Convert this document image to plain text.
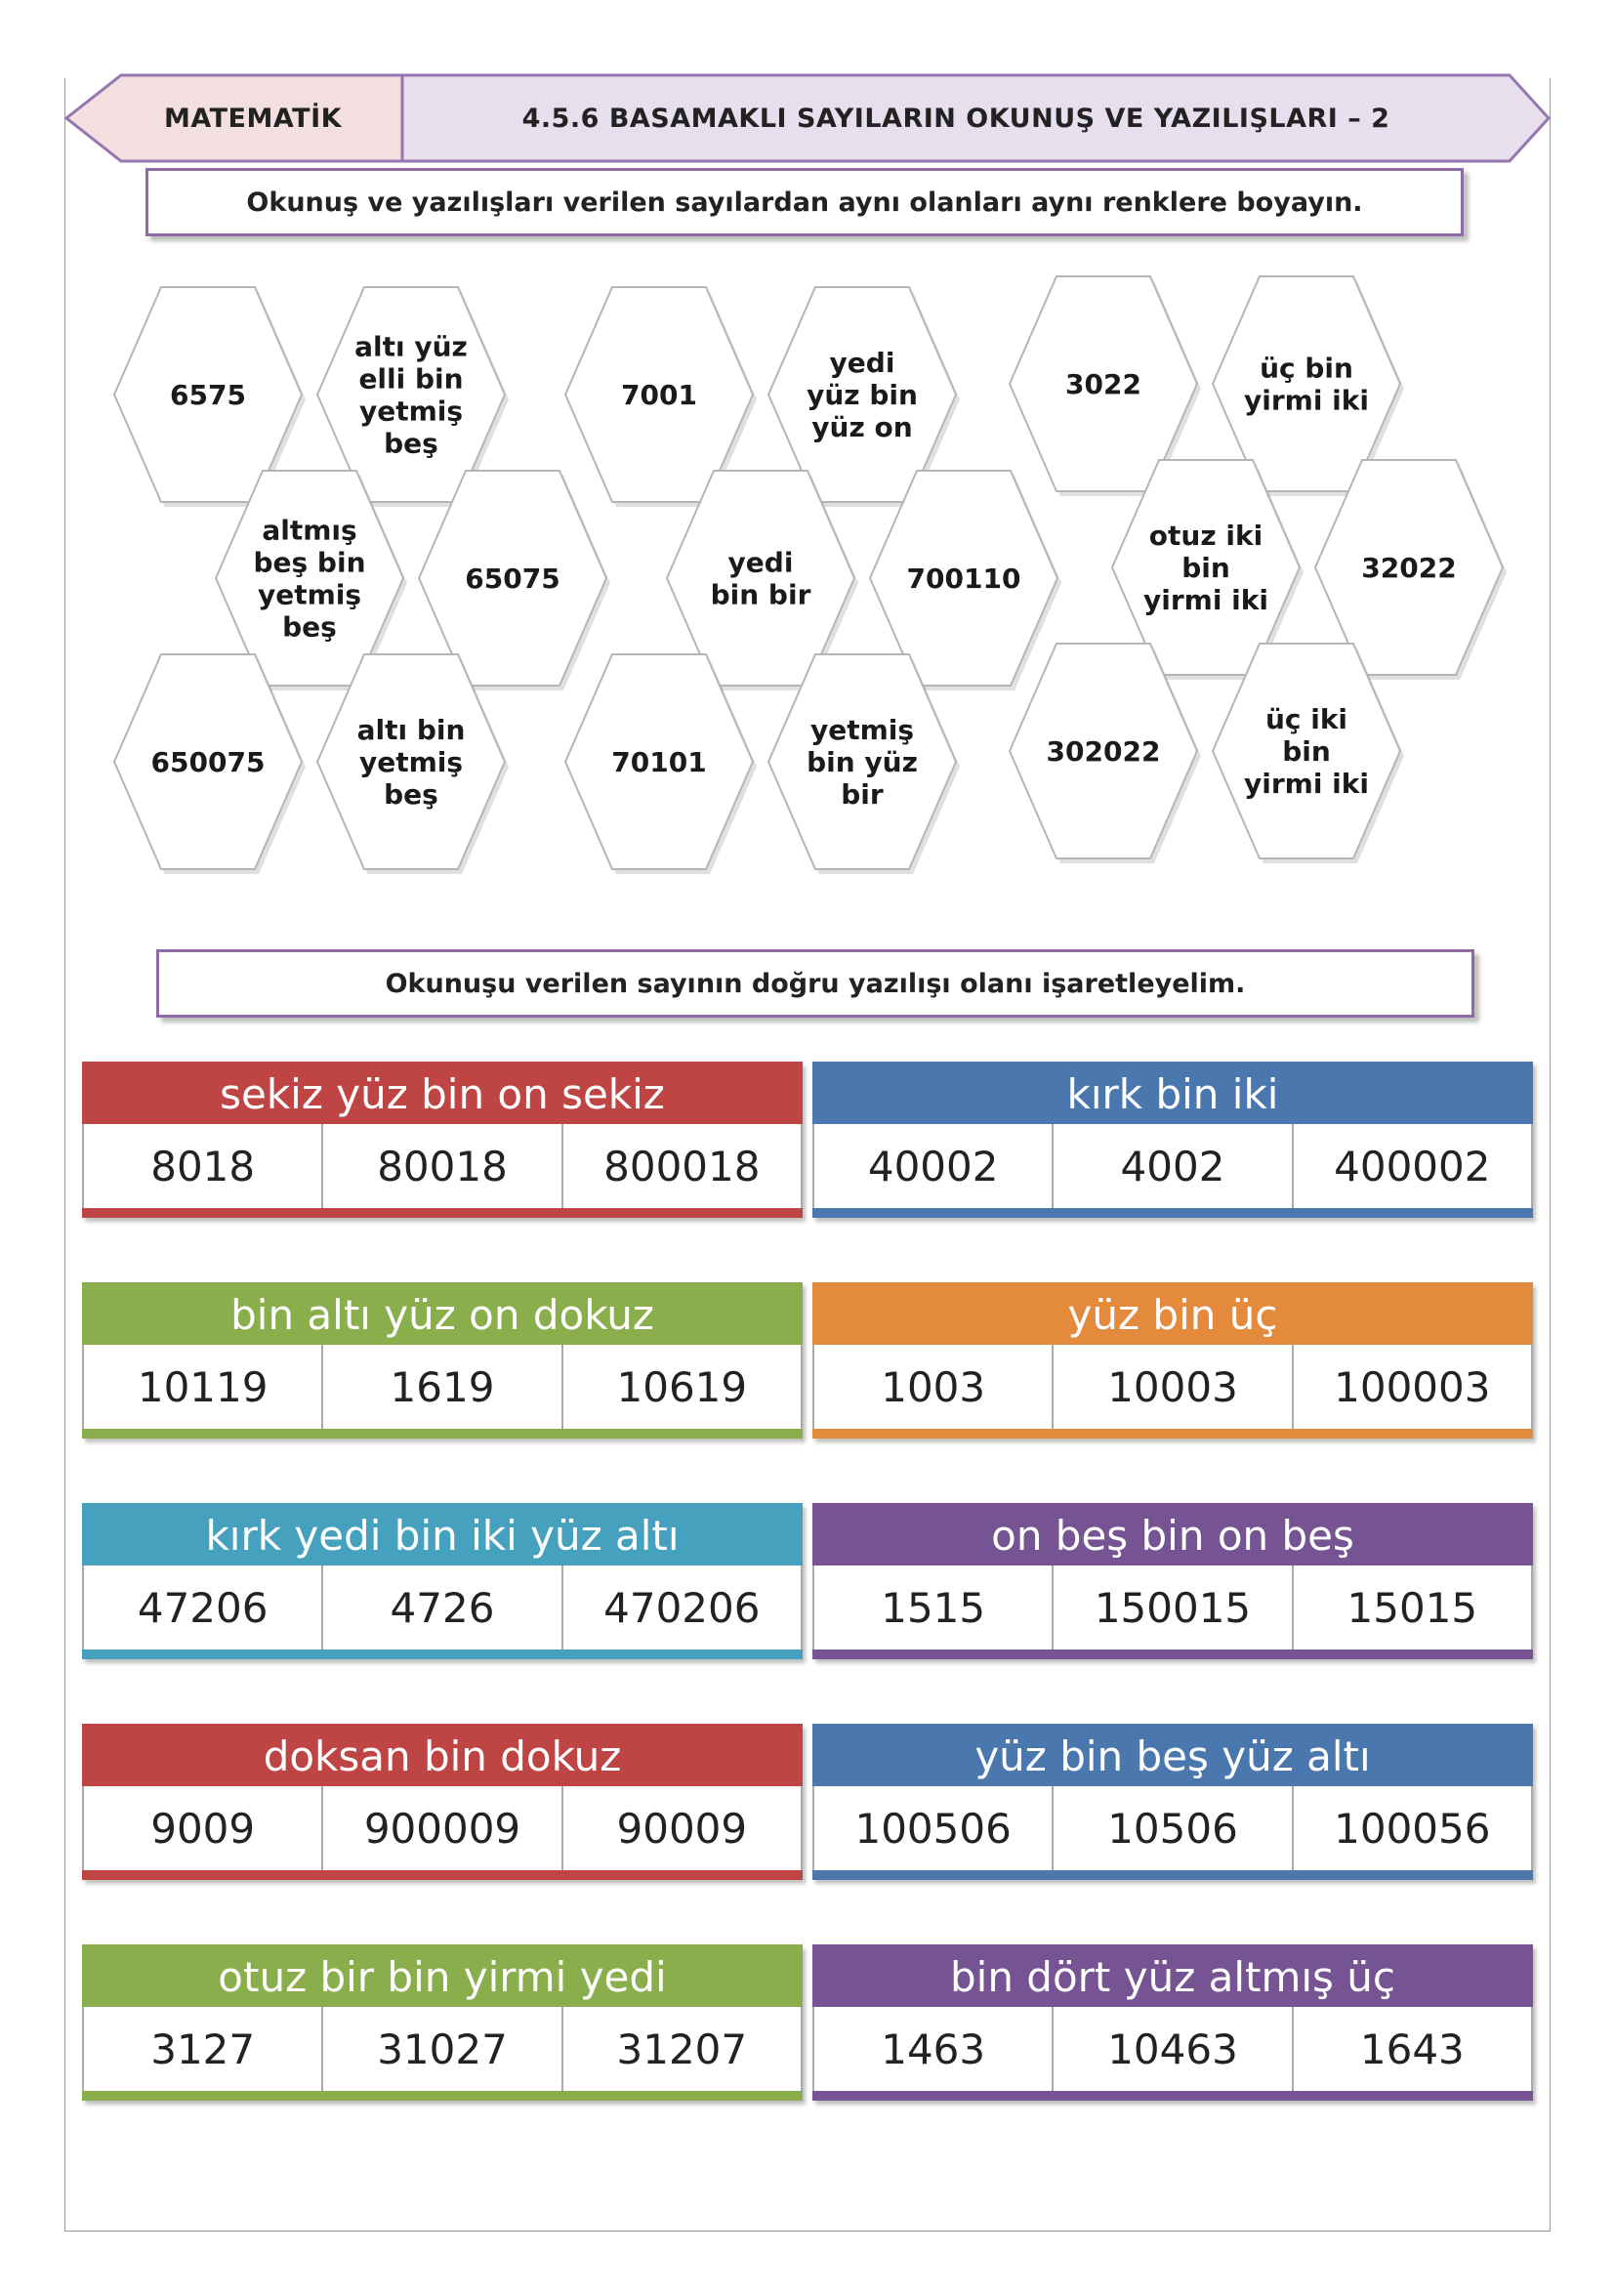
MATEMATİK	4.5.6 BASAMAKLI SAYILARIN OKUNUŞ VE YAZILIŞLARI – 2
Okunuş ve yazılışları verilen sayılardan aynı olanları aynı renklere boyayın.
6575
altı yüz
elli bin
yetmiş
beş
7001
yedi
yüz bin
yüz on
3022	üç bin
yirmi iki
altmış
beş bin
yetmiş
beş
65075	yedi
bin bir	700110
otuz iki
bin
yirmi iki
32022
650075
altı bin
yetmiş
beş
70101
yetmiş
bin yüz
bir
302022
üç iki
bin
yirmi iki
Okunuşu verilen sayının doğru yazılışı olanı işaretleyelim.
sekiz yüz bin on sekiz
8018	80018	800018
kırk bin iki
40002	4002	400002
bin altı yüz on dokuz
10119	1619	10619
yüz bin üç
1003	10003	100003
kırk yedi bin iki yüz altı
47206	4726	470206
on beş bin on beş
1515	150015	15015
doksan bin dokuz
9009	900009	90009
yüz bin beş yüz altı
100506	10506	100056
otuz bir bin yirmi yedi
3127	31027	31207
bin dört yüz altmış üç
1463	10463	1643
